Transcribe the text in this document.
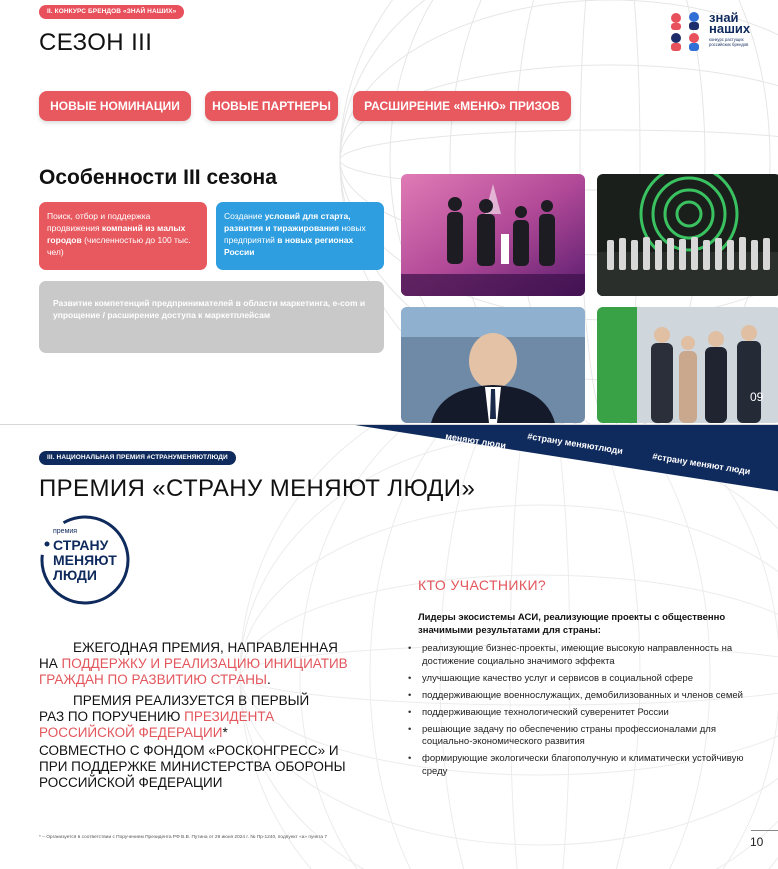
II. КОНКУРС БРЕНДОВ «ЗНАЙ НАШИХ»
СЕЗОН III
знай
наших
конкурс растущих
российских брендов
НОВЫЕ НОМИНАЦИИ	НОВЫЕ ПАРТНЕРЫ	РАСШИРЕНИЕ «МЕНЮ» ПРИЗОВ
Особенности III сезона
Поиск, отбор и поддержка продвижения компаний из малых городов (численностью до 100 тыс. чел)
Создание условий для старта, развития и тиражирования новых предприятий в новых регионах России
Развитие компетенций предпринимателей в области маркетинга, e-com и упрощение / расширение доступа к маркетплейсам
09
меняют люди #страну меняютлюди
#страну меняют люди
III. НАЦИОНАЛЬНАЯ ПРЕМИЯ #СТРАНУМЕНЯЮТЛЮДИ
ПРЕМИЯ «СТРАНУ МЕНЯЮТ ЛЮДИ»
премия
СТРАНУ
МЕНЯЮТ
ЛЮДИ
ЕЖЕГОДНАЯ ПРЕМИЯ, НАПРАВЛЕННАЯ
НА ПОДДЕРЖКУ И РЕАЛИЗАЦИЮ ИНИЦИАТИВ ГРАЖДАН ПО РАЗВИТИЮ СТРАНЫ.
ПРЕМИЯ РЕАЛИЗУЕТСЯ В ПЕРВЫЙ
РАЗ ПО ПОРУЧЕНИЮ ПРЕЗИДЕНТА РОССИЙСКОЙ ФЕДЕРАЦИИ*
СОВМЕСТНО С ФОНДОМ «РОСКОНГРЕСС» И ПРИ ПОДДЕРЖКЕ МИНИСТЕРСТВА ОБОРОНЫ РОССИЙСКОЙ ФЕДЕРАЦИИ
КТО УЧАСТНИКИ?
Лидеры экосистемы АСИ, реализующие проекты с общественно значимыми результатами для страны:
• реализующие бизнес-проекты, имеющие высокую направленность на достижение социально значимого эффекта
• улучшающие качество услуг и сервисов в социальной сфере
• поддерживающие военнослужащих, демобилизованных и членов семей
• поддерживающие технологический суверенитет России
• решающие задачу по обеспечению страны профессионалами для социально-экономического развития
• формирующие экологически благополучную и климатически устойчивую среду
* – Организуется в соответствии с Поручением Президента РФ В.В. Путина от 29 июня 2024 г. № Пр-1240, подпункт «а» пункта 7	10
